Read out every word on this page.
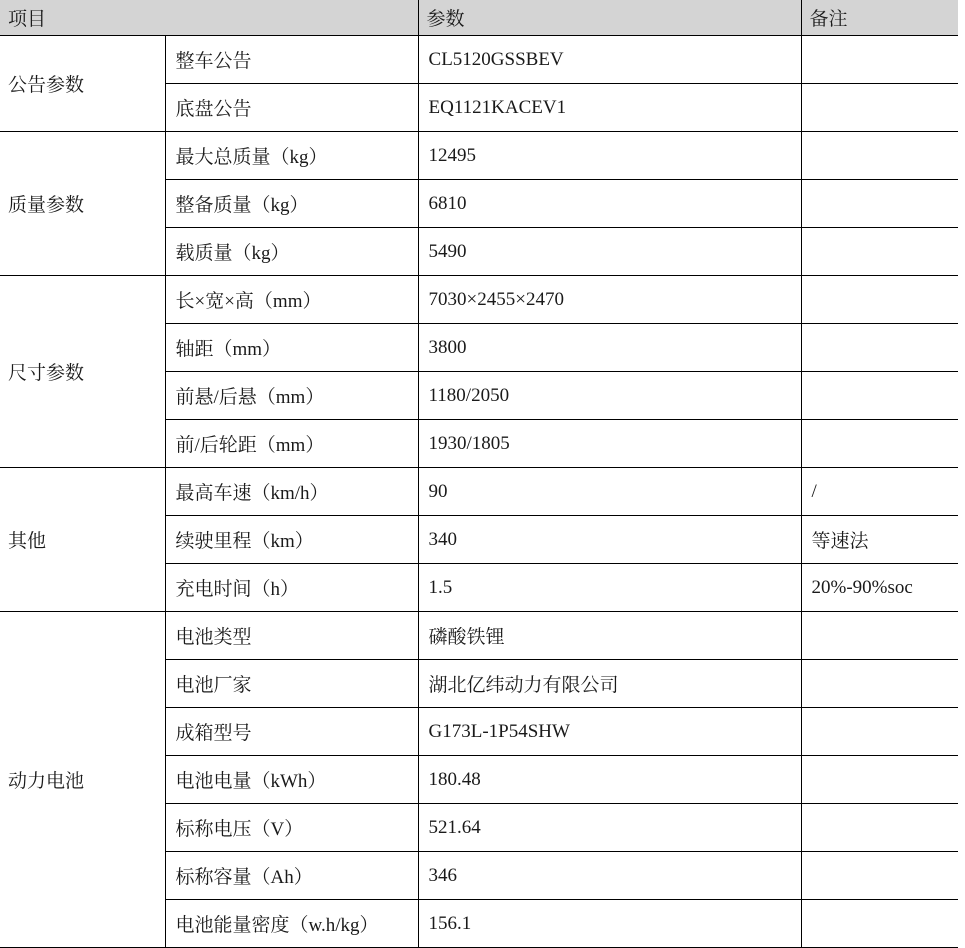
项目		参数	备注
公告参数	整车公告	CL5120GSSBEV	
	底盘公告	EQ1121KACEV1	
质量参数	最大总质量（kg）	12495	
	整备质量（kg）	6810	
	载质量（kg）	5490	
尺寸参数	长×宽×高（mm）	7030×2455×2470	
	轴距（mm）	3800	
	前悬/后悬（mm）	1180/2050	
	前/后轮距（mm）	1930/1805	
其他	最高车速（km/h）	90	/
	续驶里程（km）	340	等速法
	充电时间（h）	1.5	20%-90%soc
动力电池	电池类型	磷酸铁锂	
	电池厂家	湖北亿纬动力有限公司	
	成箱型号	G173L-1P54SHW	
	电池电量（kWh）	180.48	
	标称电压（V）	521.64	
	标称容量（Ah）	346	
	电池能量密度（w.h/kg）	156.1	
